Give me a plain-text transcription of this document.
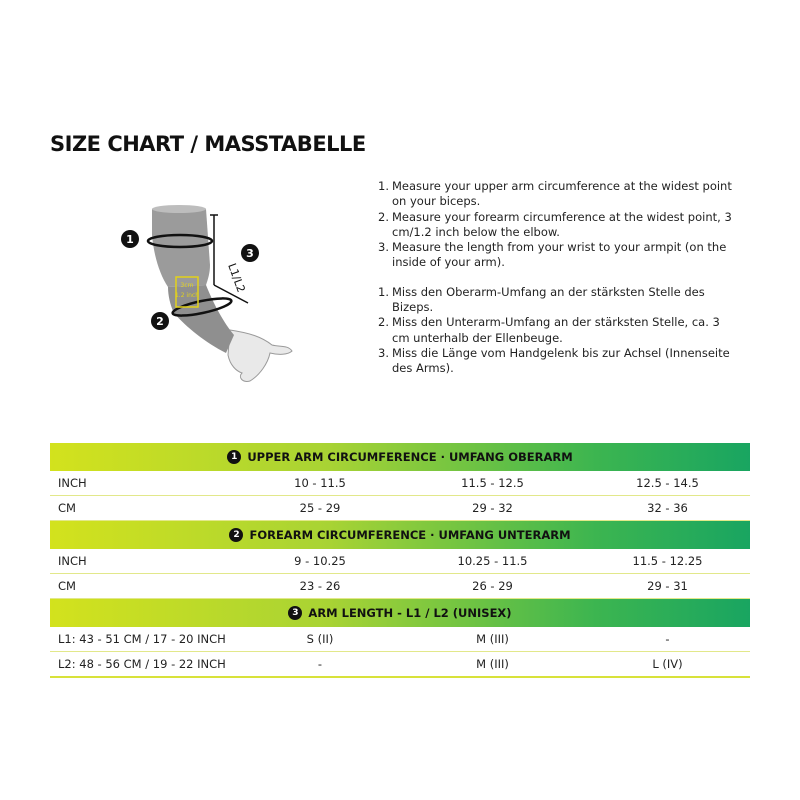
SIZE CHART / MASSTABELLE
3cm
1.2 inch
L1/L2
1
2
3
1. Measure your upper arm circumference at the widest point on your biceps.
2. Measure your forearm circumference at the widest point, 3 cm/1.2 inch below the elbow.
3. Measure the length from your wrist to your armpit (on the inside of your arm).
1. Miss den Oberarm-Umfang an der stärksten Stelle des Bizeps.
2. Miss den Unterarm-Umfang an der stärksten Stelle, ca. 3 cm unterhalb der Ellenbeuge.
3. Miss die Länge vom Handgelenk bis zur Achsel (Innenseite des Arms).
1 UPPER ARM CIRCUMFERENCE · UMFANG OBERARM
INCH	10 - 11.5	11.5 - 12.5	12.5 - 14.5
CM	25 - 29	29 - 32	32 - 36
2 FOREARM CIRCUMFERENCE · UMFANG UNTERARM
INCH	9 - 10.25	10.25 - 11.5	11.5 - 12.25
CM	23 - 26	26 - 29	29 - 31
3 ARM LENGTH - L1 / L2 (UNISEX)
L1: 43 - 51 CM / 17 - 20 INCH	S (II)	M (III)	-
L2: 48 - 56 CM / 19 - 22 INCH	-	M (III)	L (IV)
